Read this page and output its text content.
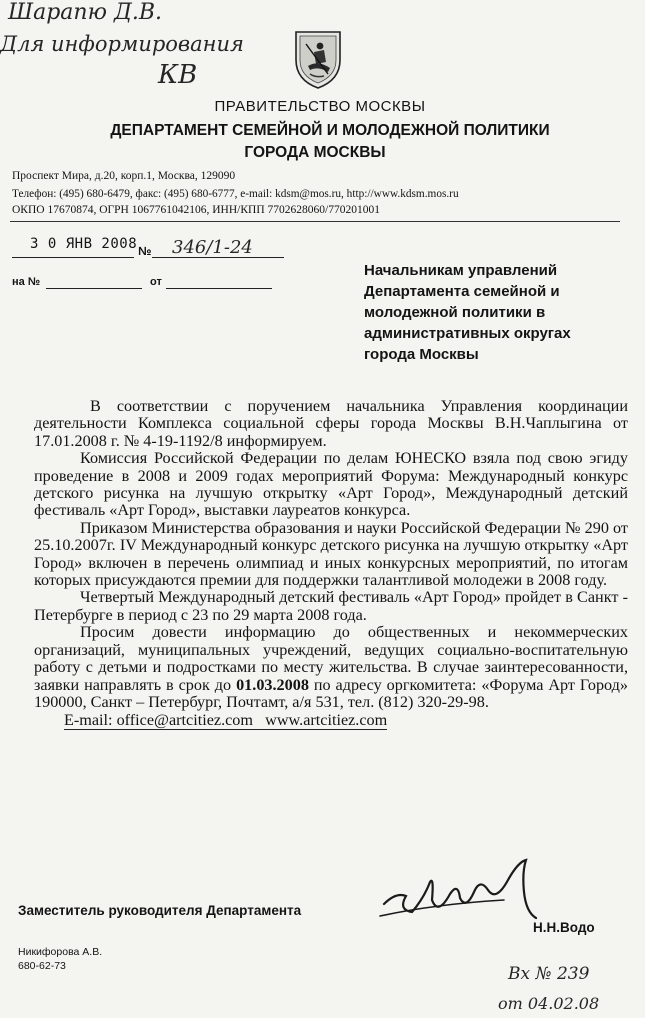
Шарапю Д.В.
Для информирования
КВ
ПРАВИТЕЛЬСТВО МОСКВЫ
ДЕПАРТАМЕНТ СЕМЕЙНОЙ И МОЛОДЕЖНОЙ ПОЛИТИКИ
ГОРОДА МОСКВЫ
Проспект Мира, д.20, корп.1, Москва, 129090
Телефон: (495) 680-6479, факс: (495) 680-6777, e-mail: kdsm@mos.ru, http://www.kdsm.mos.ru
ОКПО 17670874, ОГРН 1067761042106, ИНН/КПП 7702628060/770201001
3 0 ЯНВ 2008 № 346/1-24
на №	от
Начальникам управлений
Департамента семейной и
молодежной политики в
административных округах
города Москвы

В соответствии с поручением начальника Управления координации деятельности Комплекса социальной сферы города Москвы В.Н.Чаплыгина от 17.01.2008 г. № 4-19-1192/8 информируем.

Комиссия Российской Федерации по делам ЮНЕСКО взяла под свою эгиду проведение в 2008 и 2009 годах мероприятий Форума: Международный конкурс детского рисунка на лучшую открытку «Арт Город», Международный детский фестиваль «Арт Город», выставки лауреатов конкурса.

Приказом Министерства образования и науки Российской Федерации № 290 от 25.10.2007г. IV Международный конкурс детского рисунка на лучшую открытку «Арт Город» включен в перечень олимпиад и иных конкурсных мероприятий, по итогам которых присуждаются премии для поддержки талантливой молодежи в 2008 году.

Четвертый Международный детский фестиваль «Арт Город» пройдет в Санкт - Петербурге в период с 23 по 29 марта 2008 года.

Просим довести информацию до общественных и некоммерческих организаций, муниципальных учреждений, ведущих социально-воспитательную работу с детьми и подростками по месту жительства. В случае заинтересованности, заявки направлять в срок до 01.03.2008 по адресу оргкомитета: «Форума Арт Город» 190000, Санкт – Петербург, Почтамт, а/я 531, тел. (812) 320-29-98.

E-mail: office@artcitiez.com   www.artcitiez.com

Заместитель руководителя Департамента
Н.Н.Водо
Никифорова А.В.
680-62-73	Вх № 239
от 04.02.08
